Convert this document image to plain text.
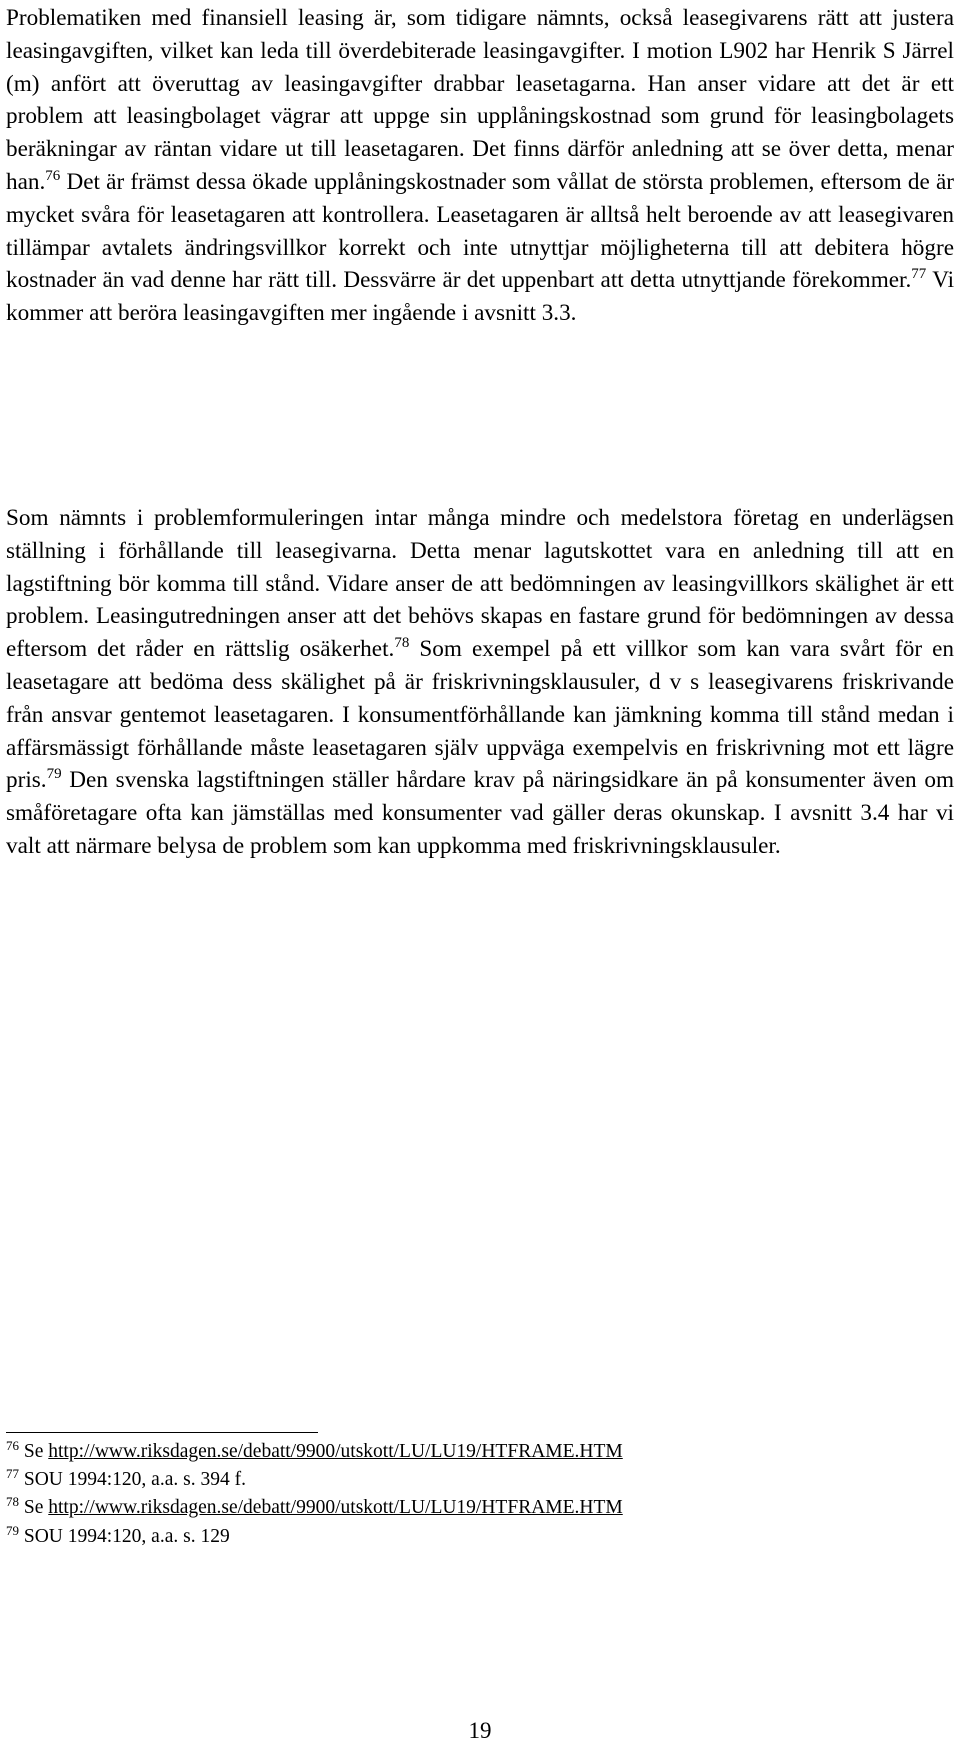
Problematiken med finansiell leasing är, som tidigare nämnts, också leasegivarens rätt att justera leasingavgiften, vilket kan leda till överdebiterade leasingavgifter. I motion L902 har Henrik S Järrel (m) anfört att överuttag av leasingavgifter drabbar leasetagarna. Han anser vidare att det är ett problem att leasingbolaget vägrar att uppge sin upplåningskostnad som grund för leasingbolagets beräkningar av räntan vidare ut till leasetagaren. Det finns därför anledning att se över detta, menar han.$^{76}$ Det är främst dessa ökade upplåningskostnader som vållat de största problemen, eftersom de är mycket svåra för leasetagaren att kontrollera. Leasetagaren är alltså helt beroende av att leasegivaren tillämpar avtalets ändringsvillkor korrekt och inte utnyttjar möjligheterna till att debitera högre kostnader än vad denne har rätt till. Dessvärre är det uppenbart att detta utnyttjande förekommer.$^{77}$ Vi kommer att beröra leasingavgiften mer ingående i avsnitt 3.3.

Som nämnts i problemformuleringen intar många mindre och medelstora företag en underlägsen ställning i förhållande till leasegivarna. Detta menar lagutskottet vara en anledning till att en lagstiftning bör komma till stånd. Vidare anser de att bedömningen av leasingvillkors skälighet är ett problem. Leasingutredningen anser att det behövs skapas en fastare grund för bedömningen av dessa eftersom det råder en rättslig osäkerhet.$^{78}$ Som exempel på ett villkor som kan vara svårt för en leasetagare att bedöma dess skälighet på är friskrivningsklausuler, d v s leasegivarens friskrivande från ansvar gentemot leasetagaren. I konsumentförhållande kan jämkning komma till stånd medan i affärsmässigt förhållande måste leasetagaren själv uppväga exempelvis en friskrivning mot ett lägre pris.$^{79}$ Den svenska lagstiftningen ställer hårdare krav på näringsidkare än på konsumenter även om småföretagare ofta kan jämställas med konsumenter vad gäller deras okunskap. I avsnitt 3.4 har vi valt att närmare belysa de problem som kan uppkomma med friskrivningsklausuler.

$^{76}$ Se http://www.riksdagen.se/debatt/9900/utskott/LU/LU19/HTFRAME.HTM
$^{77}$ SOU 1994:120, a.a. s. 394 f.
$^{78}$ Se http://www.riksdagen.se/debatt/9900/utskott/LU/LU19/HTFRAME.HTM
$^{79}$ SOU 1994:120, a.a. s. 129
19
